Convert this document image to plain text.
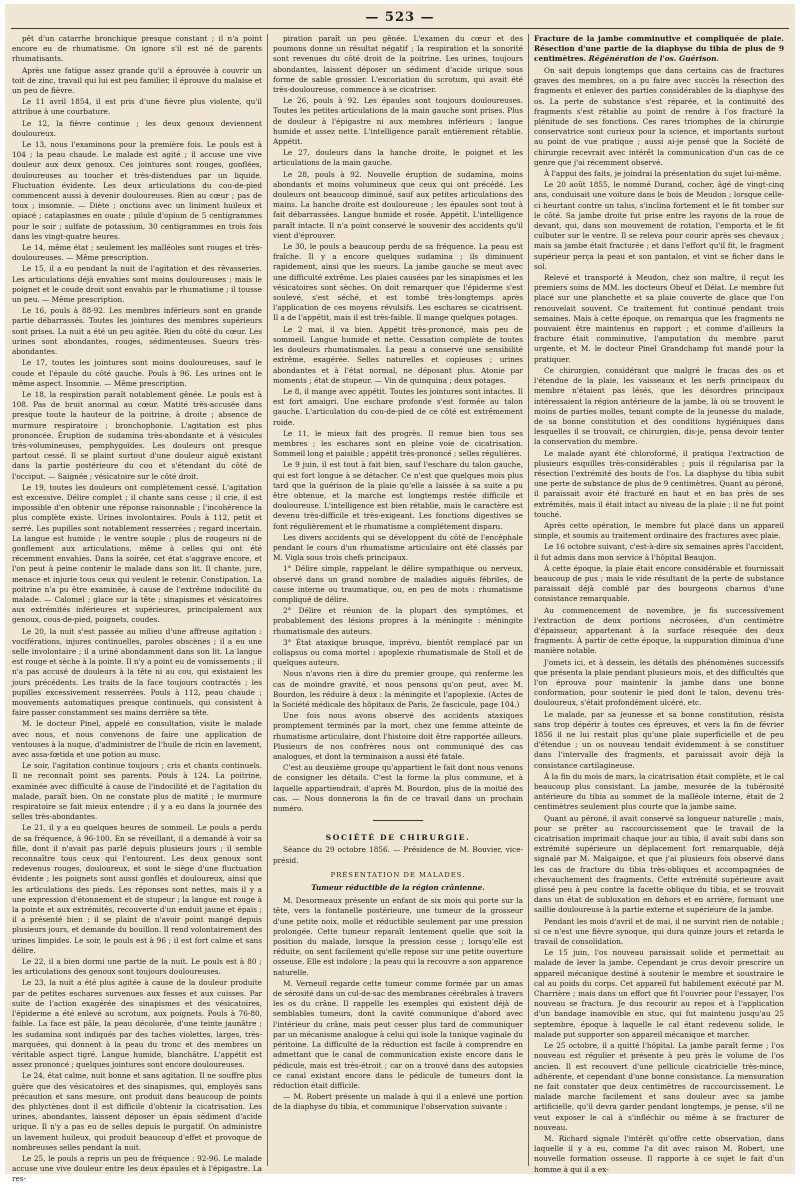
— 523 —

pêt d'un catarrhe bronchique presque constant ; il n'a point encore eu de rhumatisme. On ignore s'il est né de parents rhumatisants.

Après une fatigue assez grande qu'il a éprouvée à couvrir un toit de zinc, travail qui lui est peu familier, il éprouve du malaise et un peu de fièvre.

Le 11 avril 1854, il est pris d'une fièvre plus violente, qu'il attribue à une courbature.

Le 12, la fièvre continue ; les deux genoux deviennent douloureux.

Le 13, nous l'examinons pour la première fois. Le pouls est à 104 ; la peau chaude. Le malade est agité ; il accuse une vive douleur aux deux genoux. Ces jointures sont rouges, gonflées, douloureuses au toucher et très-distendues par un liquide. Fluctuation évidente. Les deux articulations du cou-de-pied commencent aussi à devenir douloureuses. Rien au cœur ; pas de toux ; insomnie. — Diète ; onctions avec un liniment huileux et opiacé ; cataplasmes en ouate ; pilule d'opium de 5 centigrammes pour le soir ; sulfate de potassium, 30 centigrammes en trois fois dans les vingt-quatre heures.

Le 14, même état ; seulement les malléoles sont rouges et très-douloureuses. — Même prescription.

Le 15, il a eu pendant la nuit de l'agitation et des rêvasseries. Les articulations déjà envahies sont moins douloureuses ; mais le poignet et le coude droit sont envahis par le rhumatisme ; il tousse un peu. — Même prescription.

Le 16, pouls à 88-92. Les membres inférieurs sont en grande partie débarrassés. Toutes les jointures des membres supérieurs sont prises. La nuit a été un peu agitée. Rien du côté du cœur. Les urines sont abondantes, rouges, sédimenteuses. Sueurs très-abondantes.

Le 17, toutes les jointures sont moins douloureuses, sauf le coude et l'épaule du côté gauche. Pouls à 96. Les urines ont le même aspect. Insomnie. — Même prescription.

Le 18, la respiration paraît notablement gênée. Le pouls est à 108. Pas de bruit anormal au cœur. Matité très-accusée dans presque toute la hauteur de la poitrine, à droite ; absence de murmure respiratoire ; bronchophonie. L'agitation est plus prononcée. Éruption de sudamina très-abondante et à vésicules très-volumineuses, pemphygoïdes. Les douleurs ont presque partout cessé. Il se plaint surtout d'une douleur aiguë existant dans la partie postérieure du cou et s'étendant du côté de l'occiput. — Saignée ; vésicatoire sur le côté droit.

Le 19, toutes les douleurs ont complètement cessé. L'agitation est excessive. Délire complet ; il chante sans cesse ; il crie, il est impossible d'en obtenir une réponse raisonnable ; l'incohérence la plus complète existe. Urines involontaires. Pouls à 112, petit et serré. Les pupilles sont notablement resserrées ; regard incertain. La langue est humide ; le ventre souple ; plus de rougeurs ni de gonflement aux articulations, même à celles qui ont été récemment envahies. Dans la soirée, cet état s'aggrave encore, et l'on peut à peine contenir le malade dans son lit. Il chante, jure, menace et injurie tous ceux qui veulent le retenir. Constipation. La poitrine n'a pu être examinée, à cause de l'extrême indocilité du malade. — Calomel ; glace sur la tête ; sinapismes et vésicatoires aux extrémités inférieures et supérieures, principalement aux genoux, cous-de-pied, poignets, coudes.

Le 20, la nuit s'est passée au milieu d'une affreuse agitation : vociférations, injures continuelles, paroles obscènes ; il a eu une selle involontaire ; il a uriné abondamment dans son lit. La langue est rouge et sèche à la pointe. Il n'y a point eu de vomissements ; il n'a pas accusé de douleurs à la tête ni au cou, qui existaient les jours précédents. Les traits de la face toujours contractés ; les pupilles excessivement resserrées. Pouls à 112, peau chaude ; mouvements automatiques presque continuels, qui consistent à faire passer constamment ses mains derrière sa tête.

M. le docteur Pinel, appelé en consultation, visite le malade avec nous, et nous convenons de faire une application de ventouses à la nuque, d'administrer de l'huile de ricin en lavement, avec assa-fœtida et une potion au musc.

Le soir, l'agitation continue toujours ; cris et chants continuels. Il ne reconnaît point ses parents. Pouls à 124. La poitrine, examinée avec difficulté à cause de l'indocilité et de l'agitation du malade, paraît bien. On ne constate plus de matité ; le murmure respiratoire se fait mieux entendre ; il y a eu dans la journée des selles très-abondantes.

Le 21, il y a eu quelques heures de sommeil. Le pouls a perdu de sa fréquence, à 96-100. En se réveillant, il a demandé à voir sa fille, dont il n'avait pas parlé depuis plusieurs jours ; il semble reconnaître tous ceux qui l'entourent. Les deux genoux sont redevenus rouges, douloureux, et sont le siège d'une fluctuation évidente ; les poignets sont aussi gonflés et douloureux, ainsi que les articulations des pieds. Les réponses sont nettes, mais il y a une expression d'étonnement et de stupeur ; la langue est rouge à la pointe et aux extrémités, recouverte d'un enduit jaune et épais ; il a présenté bien ; il se plaint de n'avoir point mangé depuis plusieurs jours, et demande du bouillon. Il rend volontairement des urines limpides. Le soir, le pouls est à 96 ; il est fort calme et sans délire.

Le 22, il a bien dormi une partie de la nuit. Le pouls est à 80 ; les articulations des genoux sont toujours douloureuses.

Le 23, la nuit a été plus agitée à cause de la douleur produite par de petites eschares survenues aux fesses et aux cuisses. Par suite de l'action exagérée des sinapismes et des vésicatoires, l'épiderme a été enlevé au scrotum, aux poignets. Pouls à 76-80, faible. La face est pâle, la peau décolorée, d'une teinte jaunâtre ; les sudamina sont indiqués par des taches violettes, larges, très-marquées, qui donnent à la peau du tronc et des membres un véritable aspect tigré. Langue humide, blanchâtre. L'appétit est assez prononcé ; quelques jointures sont encore douloureuses.

Le 24, état calme, nuit bonne et sans agitation. Il ne souffre plus guère que des vésicatoires et des sinapismes, qui, employés sans précaution et sans mesure, ont produit dans beaucoup de points des phlyctènes dont il est difficile d'obtenir la cicatrisation. Les urines, abondantes, laissent déposer un épais sédiment d'acide urique. Il n'y a pas eu de selles depuis le purgatif. On administre un lavement huileux, qui produit beaucoup d'effet et provoque de nombreuses selles pendant la nuit.

Le 25, le pouls a repris un peu de fréquence : 92-96. Le malade accuse une vive douleur entre les deux épaules et à l'épigastre. La res-

piration paraît un peu gênée. L'examen du cœur et des poumons donne un résultat négatif ; la respiration et la sonorité sont revenues du côté droit de la poitrine. Les urines, toujours abondantes, laissent déposer un sédiment d'acide urique sous forme de sable grossier. L'excoriation du scrotum, qui avait été très-douloureuse, commence à se cicatriser.

Le 26, pouls à 92. Les épaules sont toujours douloureuses. Toutes les petites articulations de la main gauche sont prises. Plus de douleur à l'épigastre ni aux membres inférieurs ; langue humide et assez nette. L'intelligence paraît entièrement rétablie. Appétit.

Le 27, douleurs dans la hanche droite, le poignet et les articulations de la main gauche.

Le 28, pouls à 92. Nouvelle éruption de sudamina, moins abondants et moins volumineux que ceux qui ont précédé. Les douleurs ont beaucoup diminué, sauf aux petites articulations des mains. La hanche droite est douloureuse ; les épaules sont tout à fait débarrassées. Langue humide et rosée. Appétit. L'intelligence paraît intacte. Il n'a point conservé le souvenir des accidents qu'il vient d'éprouver.

Le 30, le pouls a beaucoup perdu de sa fréquence. La peau est fraîche. Il y a encore quelques sudamina ; ils diminuent rapidement, ainsi que les sueurs. La jambe gauche se meut avec une difficulté extrême. Les plaies causées par les sinapismes et les vésicatoires sont sèches. On doit remarquer que l'épiderme s'est soulevé, s'est séché, et est tombé très-longtemps après l'application de ces moyens révulsifs. Les eschares se cicatrisent. Il a de l'appétit, mais il est très-faible. Il mange quelques potages.

Le 2 mai, il va bien. Appétit très-prononcé, mais peu de sommeil. Langue humide et nette. Cessation complète de toutes les douleurs rhumatismales. La peau a conservé une sensibilité extrême, exagérée. Selles naturelles et copieuses ; urines abondantes et à l'état normal, ne déposant plus. Atonie par moments ; état de stupeur. — Vin de quinquina ; deux potages.

Le 8, il mange avec appétit. Toutes les jointures sont intactes. Il est fort amaigri. Une eschare profonde s'est formée au talon gauche. L'articulation du cou-de-pied de ce côté est extrêmement roide.

Le 11, le mieux fait des progrès. Il remue bien tous ses membres ; les eschares sont en pleine voie de cicatrisation. Sommeil long et paisible ; appétit très-prononcé ; selles régulières.

Le 9 juin, il est tout à fait bien, sauf l'eschare du talon gauche, qui est fort longue à se détacher. Ce n'est que quelques mois plus tard que la guérison de la plaie qu'elle a laissée à sa suite a pu être obtenue, et la marche est longtemps restée difficile et douloureuse. L'intelligence est bien rétablie, mais le caractère est devenu très-difficile et très-exigeant. Les fonctions digestives se font régulièrement et le rhumatisme a complétement disparu.

Les divers accidents qui se développent du côté de l'encéphale pendant le cours d'un rhumatisme articulaire ont été classés par M. Vigla sous trois chefs principaux.

1° Délire simple, rappelant le délire sympathique ou nerveux, observé dans un grand nombre de maladies aiguës fébriles, de cause interne ou traumatique, ou, en peu de mots : rhumatisme compliqué de délire.

2° Délire et réunion de la plupart des symptômes, et probablement des lésions propres à la méningite : méningite rhumatismale des auteurs.

3° État ataxique brusque, imprévu, bientôt remplacé par un collapsus ou coma mortel : apoplexie rhumatismale de Stoll et de quelques auteurs.

Nous n'avons rien à dire du premier groupe, qui renferme les cas de moindre gravité, et nous pensons qu'on peut, avec M. Bourdon, les réduire à deux : la méningite et l'apoplexie. (Actes de la Société médicale des hôpitaux de Paris, 2e fascicule, page 104.)

Une fois nous avons observé des accidents ataxiques promptement terminés par la mort, chez une femme atteinte de rhumatisme articulaire, dont l'histoire doit être rapportée ailleurs. Plusieurs de nos confrères nous ont communiqué des cas analogues, et dont la terminaison a aussi été fatale.

C'est au deuxième groupe qu'appartient le fait dont nous venons de consigner les détails. C'est la forme la plus commune, et à laquelle appartiendrait, d'après M. Bourdon, plus de la moitié des cas. — Nous donnerons la fin de ce travail dans un prochain numéro.

SOCIÉTÉ DE CHIRURGIE.

Séance du 29 octobre 1856. — Présidence de M. Bouvier, vice-présid.

PRÉSENTATION DE MALADES.
Tumeur réductible de la région crânienne.

M. Desormeaux présente un enfant de six mois qui porte sur la tête, vers la fontanelle postérieure, une tumeur de la grosseur d'une petite noix, molle et réductible seulement par une pression prolongée. Cette tumeur reparaît lentement quelle que soit la position du malade, lorsque la pression cesse ; lorsqu'elle est réduite, on sent facilement qu'elle repose sur une petite ouverture osseuse. Elle est indolore ; la peau qui la recouvre a son apparence naturelle.

M. Verneuil regarde cette tumeur comme formée par un amas de sérosité dans un cul-de-sac des membranes cérébrales à travers les os du crâne. Il rappelle les exemples qui existent déjà de semblables tumeurs, dont la cavité communique d'abord avec l'intérieur du crâne, mais peut cesser plus tard de communiquer par un mécanisme analogue à celui qui isole la tunique vaginale du péritoine. La difficulté de la réduction est facile à comprendre en admettant que le canal de communication existe encore dans le pédicule, mais est très-étroit ; car on a trouvé dans des autopsies ce canal existant encore dans le pédicule de tumeurs dont la réduction était difficile.

— M. Robert présente un malade à qui il a enlevé une portion de la diaphyse du tibia, et communique l'observation suivante :

Fracture de la jambe comminutive et compliquée de plaie. Résection d'une partie de la diaphyse du tibia de plus de 9 centimètres. Régénération de l'os. Guérison.

On sait depuis longtemps que dans certains cas de fractures graves des membres, on a pu faire avec succès la résection des fragments et enlever des parties considérables de la diaphyse des os. La perte de substance s'est réparée, et la continuité des fragments s'est rétablie au point de rendre à l'os fracturé la plénitude de ses fonctions. Ces rares triomphes de la chirurgie conservatrice sont curieux pour la science, et importants surtout au point de vue pratique ; aussi ai-je pensé que la Société de chirurgie recevrait avec intérêt la communication d'un cas de ce genre que j'ai récemment observé.

À l'appui des faits, je joindrai la présentation du sujet lui-même.

Le 20 août 1855, le nommé Durand, cocher, âgé de vingt-cinq ans, conduisait une voiture dans le bois de Meudon ; lorsque celle-ci heurtant contre un talus, s'inclina fortement et le fit tomber sur le côté. Sa jambe droite fut prise entre les rayons de la roue de devant, qui, dans son mouvement de rotation, l'emporta et le fit culbuter sur le ventre. Il se releva pour courir après ses chevaux ; mais sa jambe était fracturée ; et dans l'effort qu'il fit, le fragment supérieur perça la peau et son pantalon, et vint se ficher dans le sol.

Relevé et transporté à Meudon, chez son maître, il reçut les premiers soins de MM. les docteurs Obeuf et Délat. Le membre fut placé sur une planchette et sa plaie couverte de glace que l'on renouvelait souvent. Ce traitement fut continué pendant trois semaines. Mais à cette époque, on remarqua que les fragments ne pouvaient être maintenus en rapport ; et comme d'ailleurs la fracture était comminutive, l'amputation du membre parut urgente, et M. le docteur Pinel Grandchamp fut mandé pour la pratiquer.

Ce chirurgien, considérant que malgré le fracas des os et l'étendue de la plaie, les vaisseaux et les nerfs principaux du membre n'étaient pas lésés, que les désordres principaux intéressaient la région antérieure de la jambe, là où se trouvent le moins de parties molles, tenant compte de la jeunesse du malade, de sa bonne constitution et des conditions hygiéniques dans lesquelles il se trouvait, ce chirurgien, dis-je, pensa devoir tenter la conservation du membre.

Le malade ayant été chloroformé, il pratiqua l'extraction de plusieurs esquilles très-considérables ; puis il régularisa par la résection l'extrémité des bouts de l'os. La diaphyse du tibia subit une perte de substance de plus de 9 centimètres. Quant au péroné, il paraissait avoir été fracturé en haut et en bas près de ses extrémités, mais il était intact au niveau de la plaie ; il ne fut point touché.

Après cette opération, le membre fut placé dans un appareil simple, et soumis au traitement ordinaire des fractures avec plaie.

Le 16 octobre suivant, c'est-à-dire six semaines après l'accident, il fut admis dans mon service à l'hôpital Beaujon.

À cette époque, la plaie était encore considérable et fournissait beaucoup de pus ; mais le vide résultant de la perte de substance paraissait déjà comblé par des bourgeons charnus d'une consistance remarquable.

Au commencement de novembre, je fis successivement l'extraction de deux portions nécrosées, d'un centimètre d'épaisseur, appartenant à la surface résequée des deux fragments. À partir de cette époque, la suppuration diminua d'une manière notable.

J'omets ici, et à dessein, les détails des phénomènes successifs que présenta la plaie pendant plusieurs mois, et des difficultés que l'on éprouva pour maintenir la jambe dans une bonne conformation, pour soutenir le pied dont le talon, devenu très-douloureux, s'était profondément ulcéré, etc.

Le malade, par sa jeunesse et sa bonne constitution, résista sans trop dépérir à toutes ces épreuves, et vers la fin de février 1856 il ne lui restait plus qu'une plaie superficielle et de peu d'étendue ; un os nouveau tendait évidemment à se constituer dans l'intervalle des fragments, et paraissait avoir déjà la consistance cartilagineuse.

À la fin du mois de mars, la cicatrisation était complète, et le cal beaucoup plus consistant. La jambe, mesurée de la tubérosité antérieure du tibia au sommet de la malléole interne, était de 2 centimètres seulement plus courte que la jambe saine.

Quant au péroné, il avait conservé sa longueur naturelle ; mais, pour se prêter au raccourcissement que le travail de la cicatrisation imprimait chaque jour au tibia, il avait subi dans son extrémité supérieure un déplacement fort remarquable, déjà signalé par M. Malgaigne, et que j'ai plusieurs fois observé dans les cas de fracture du tibia très-obliques et accompagnées de chevauchement des fragments. Cette extrémité supérieure avait glissé peu à peu contre la facette oblique du tibia, et se trouvait dans un état de subluxation en dehors et en arrière, formant une saillie douloureuse à la partie externe et supérieure de la jambe.

Pendant les mois d'avril et de mai, il ne survint rien de notable ; si ce n'est une fièvre synoque, qui dura quinze jours et retarda le travail de consolidation.

Le 15 juin, l'os nouveau paraissait solide et permettait au malade de lever la jambe. Cependant je crus devoir prescrire un appareil mécanique destiné à soutenir le membre et soustraire le cal au poids du corps. Cet appareil fut habilement exécuté par M. Charrière ; mais dans un effort que fit l'ouvrier pour l'essayer, l'os nouveau se fractura. Je dus recourir au repos et à l'application d'un bandage inamovible en stuc, qui fut maintenu jusqu'au 25 septembre, époque à laquelle le cal étant redevenu solide, le malade put supporter son appareil mécanique et marcher.

Le 25 octobre, il a quitté l'hôpital. La jambe paraît ferme ; l'os nouveau est régulier et présente à peu près le volume de l'os ancien. Il est recouvert d'une pellicule cicatricielle très-mince, adhérente, et cependant d'une bonne consistance. La mensuration ne fait constater que deux centimètres de raccourcissement. Le malade marche facilement et sans douleur avec sa jambe artificielle, qu'il devra garder pendant longtemps, je pense, s'il ne veut exposer le cal à s'infléchir ou même à se fracturer de nouveau.

M. Richard signale l'intérêt qu'offre cette observation, dans laquelle il y a eu, comme l'a dit avec raison M. Robert, une nouvelle formation osseuse. Il rapporte à ce sujet le fait d'un homme à qui il a ex-
